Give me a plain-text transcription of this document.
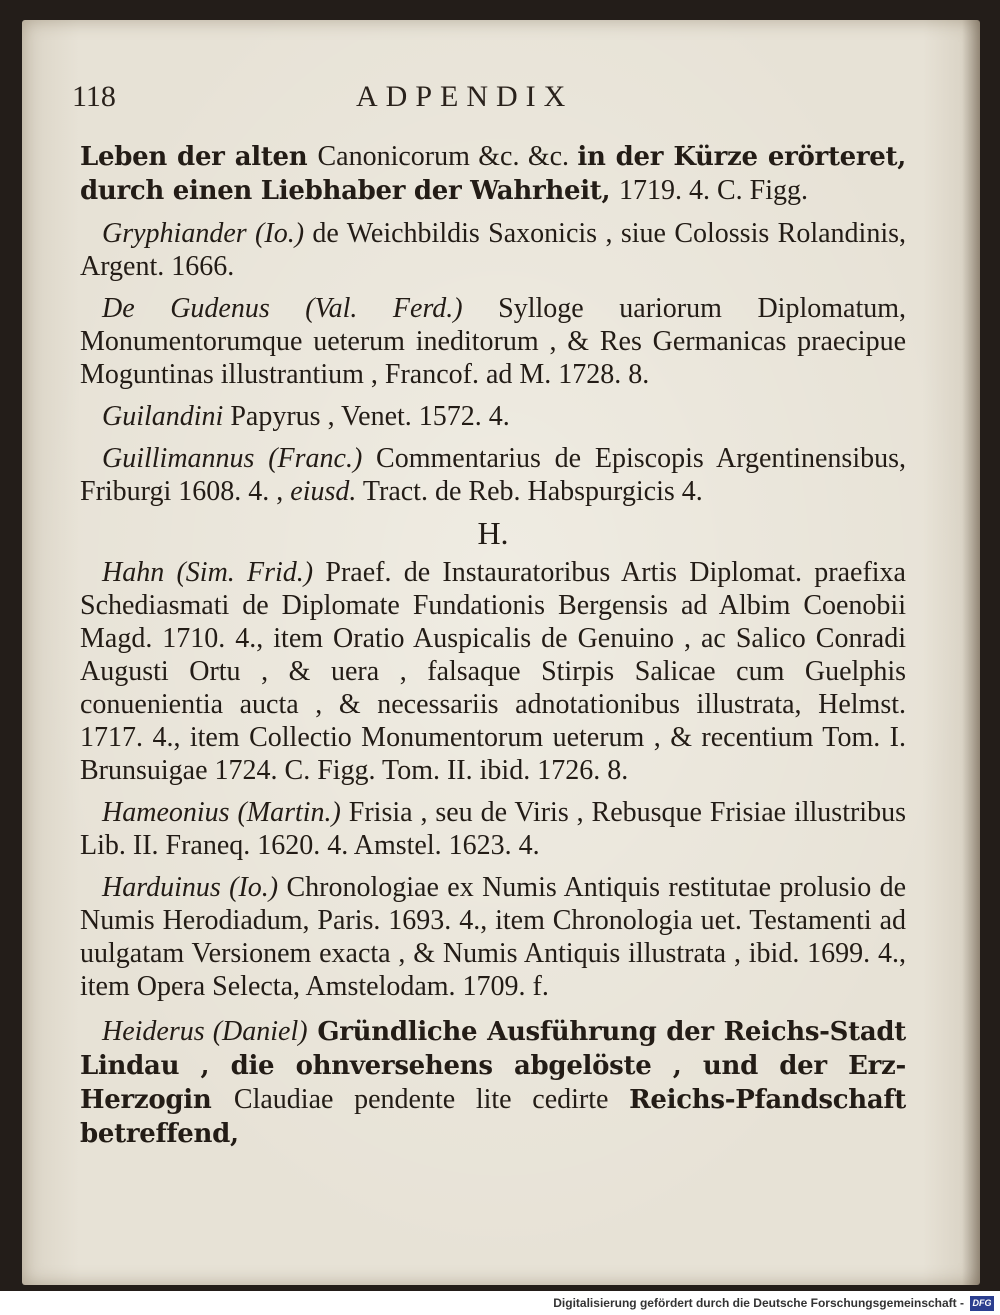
118	ADPENDIX

Leben der alten Canonicorum &c. &c. in der Kürze erörteret, durch einen Liebhaber der Wahrheit, 1719. 4. C. Figg.

Gryphiander (Io.) de Weichbildis Saxonicis , siue Colossis Rolandinis, Argent. 1666.

De Gudenus (Val. Ferd.) Sylloge uariorum Diplomatum, Monumentorumque ueterum ineditorum , & Res Germanicas praecipue Moguntinas illustrantium , Francof. ad M. 1728. 8.

Guilandini Papyrus , Venet. 1572. 4.

Guillimannus (Franc.) Commentarius de Episcopis Argentinensibus, Friburgi 1608. 4. , eiusd. Tract. de Reb. Habspurgicis 4.

H.

Hahn (Sim. Frid.) Praef. de Instauratoribus Artis Diplomat. praefixa Schediasmati de Diplomate Fundationis Bergensis ad Albim Coenobii Magd. 1710. 4., item Oratio Auspicalis de Genuino , ac Salico Conradi Augusti Ortu , & uera , falsaque Stirpis Salicae cum Guelphis conuenientia aucta , & necessariis adnotationibus illustrata, Helmst. 1717. 4., item Collectio Monumentorum ueterum , & recentium Tom. I. Brunsuigae 1724. C. Figg. Tom. II. ibid. 1726. 8.

Hameonius (Martin.) Frisia , seu de Viris , Rebusque Frisiae illustribus Lib. II. Franeq. 1620. 4. Amstel. 1623. 4.

Harduinus (Io.) Chronologiae ex Numis Antiquis restitutae prolusio de Numis Herodiadum, Paris. 1693. 4., item Chronologia uet. Testamenti ad uulgatam Versionem exacta , & Numis Antiquis illustrata , ibid. 1699. 4., item Opera Selecta, Amstelodam. 1709. f.

Heiderus (Daniel) Gründliche Ausführung der Reichs-Stadt Lindau , die ohnversehens abgelöste , und der Erz-Herzogin Claudiae pendente lite cedirte Reichs-Pfandschaft betreffend,

Digitalisierung gefördert durch die Deutsche Forschungsgemeinschaft - DFG
